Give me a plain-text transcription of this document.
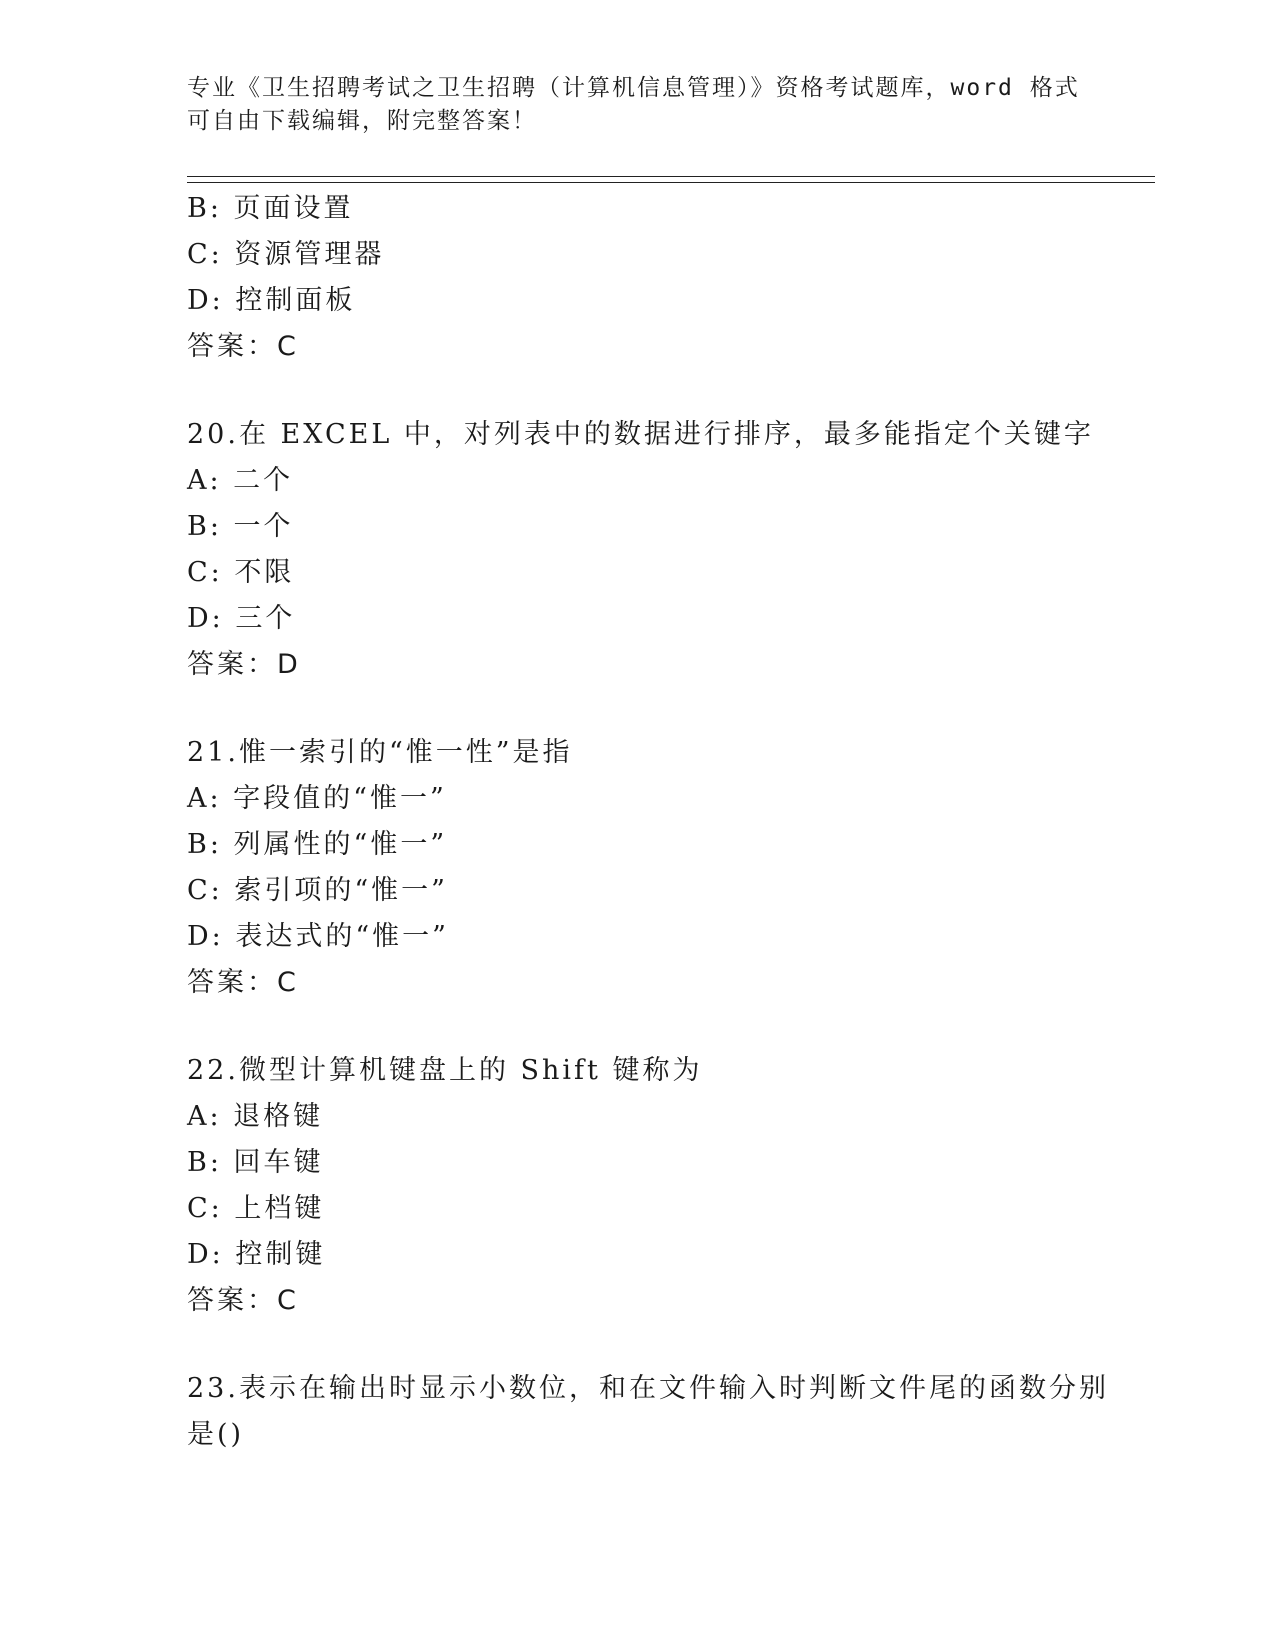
专业《卫生招聘考试之卫生招聘（计算机信息管理）》资格考试题库，word 格式
可自由下载编辑，附完整答案！
B: 页面设置
C: 资源管理器
D: 控制面板
答案：C
20.在 EXCEL 中，对列表中的数据进行排序，最多能指定个关键字
A: 二个
B: 一个
C: 不限
D: 三个
答案：D
21.惟一索引的“惟一性”是指
A: 字段值的“惟一”
B: 列属性的“惟一”
C: 索引项的“惟一”
D: 表达式的“惟一”
答案：C
22.微型计算机键盘上的 Shift 键称为
A: 退格键
B: 回车键
C: 上档键
D: 控制键
答案：C
23.表示在输出时显示小数位，和在文件输入时判断文件尾的函数分别
是()
